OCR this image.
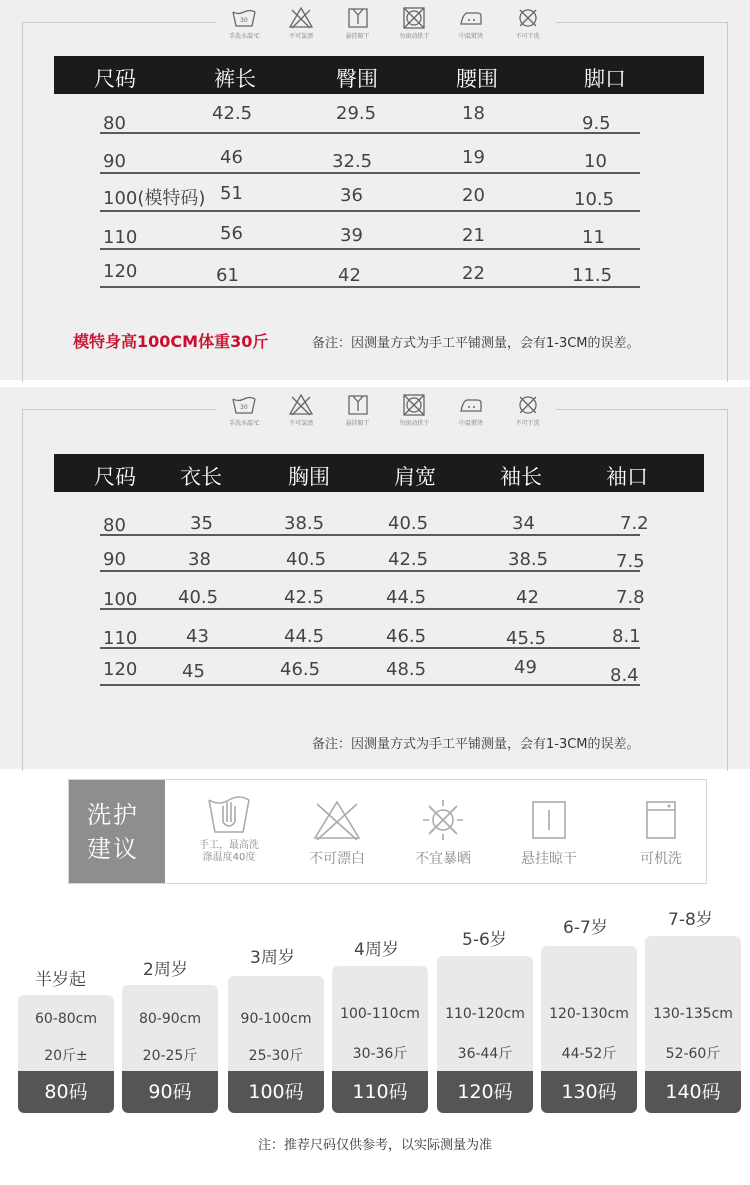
30
手洗水温℃	不可氯漂	悬挂晾干	勿滚动烘干	中温熨烫	不可干洗
尺码	裤长	臀围	腰围	脚口
80	42.5	29.5	18	9.5
90	46	32.5	19	10
100(模特码) 51	36	20	10.5
110	56	39	21	11
120	61	42	22	11.5
模特身高100CM体重30斤	备注：因测量方式为手工平铺测量，会有1-3CM的误差。
30
手洗水温℃	不可氯漂	悬挂晾干	勿滚动烘干	中温熨烫	不可干洗
尺码 衣长	胸围	肩宽	袖长	袖口
80	35	38.5	40.5	34	7.2
90	38	40.5	42.5	38.5	7.5
100 40.5	42.5	44.5	42	7.8
110	43	44.5	46.5	45.5	8.1
120 45	46.5	48.5	49	8.4
备注：因测量方式为手工平铺测量，会有1-3CM的误差。
洗护
建议	手工，最高洗
涤温度40度	不可漂白	不宜暴晒	悬挂晾干	可机洗
半岁起	2周岁
3周岁	4周岁	5-6岁
6-7岁	7-8岁
60-80cm
20斤±
80码
80-90cm
20-25斤
90码
90-100cm
25-30斤
100码
100-110cm
30-36斤
110码
110-120cm
36-44斤
120码
120-130cm
44-52斤
130码
130-135cm
52-60斤
140码
注：推荐尺码仅供参考，以实际测量为准
